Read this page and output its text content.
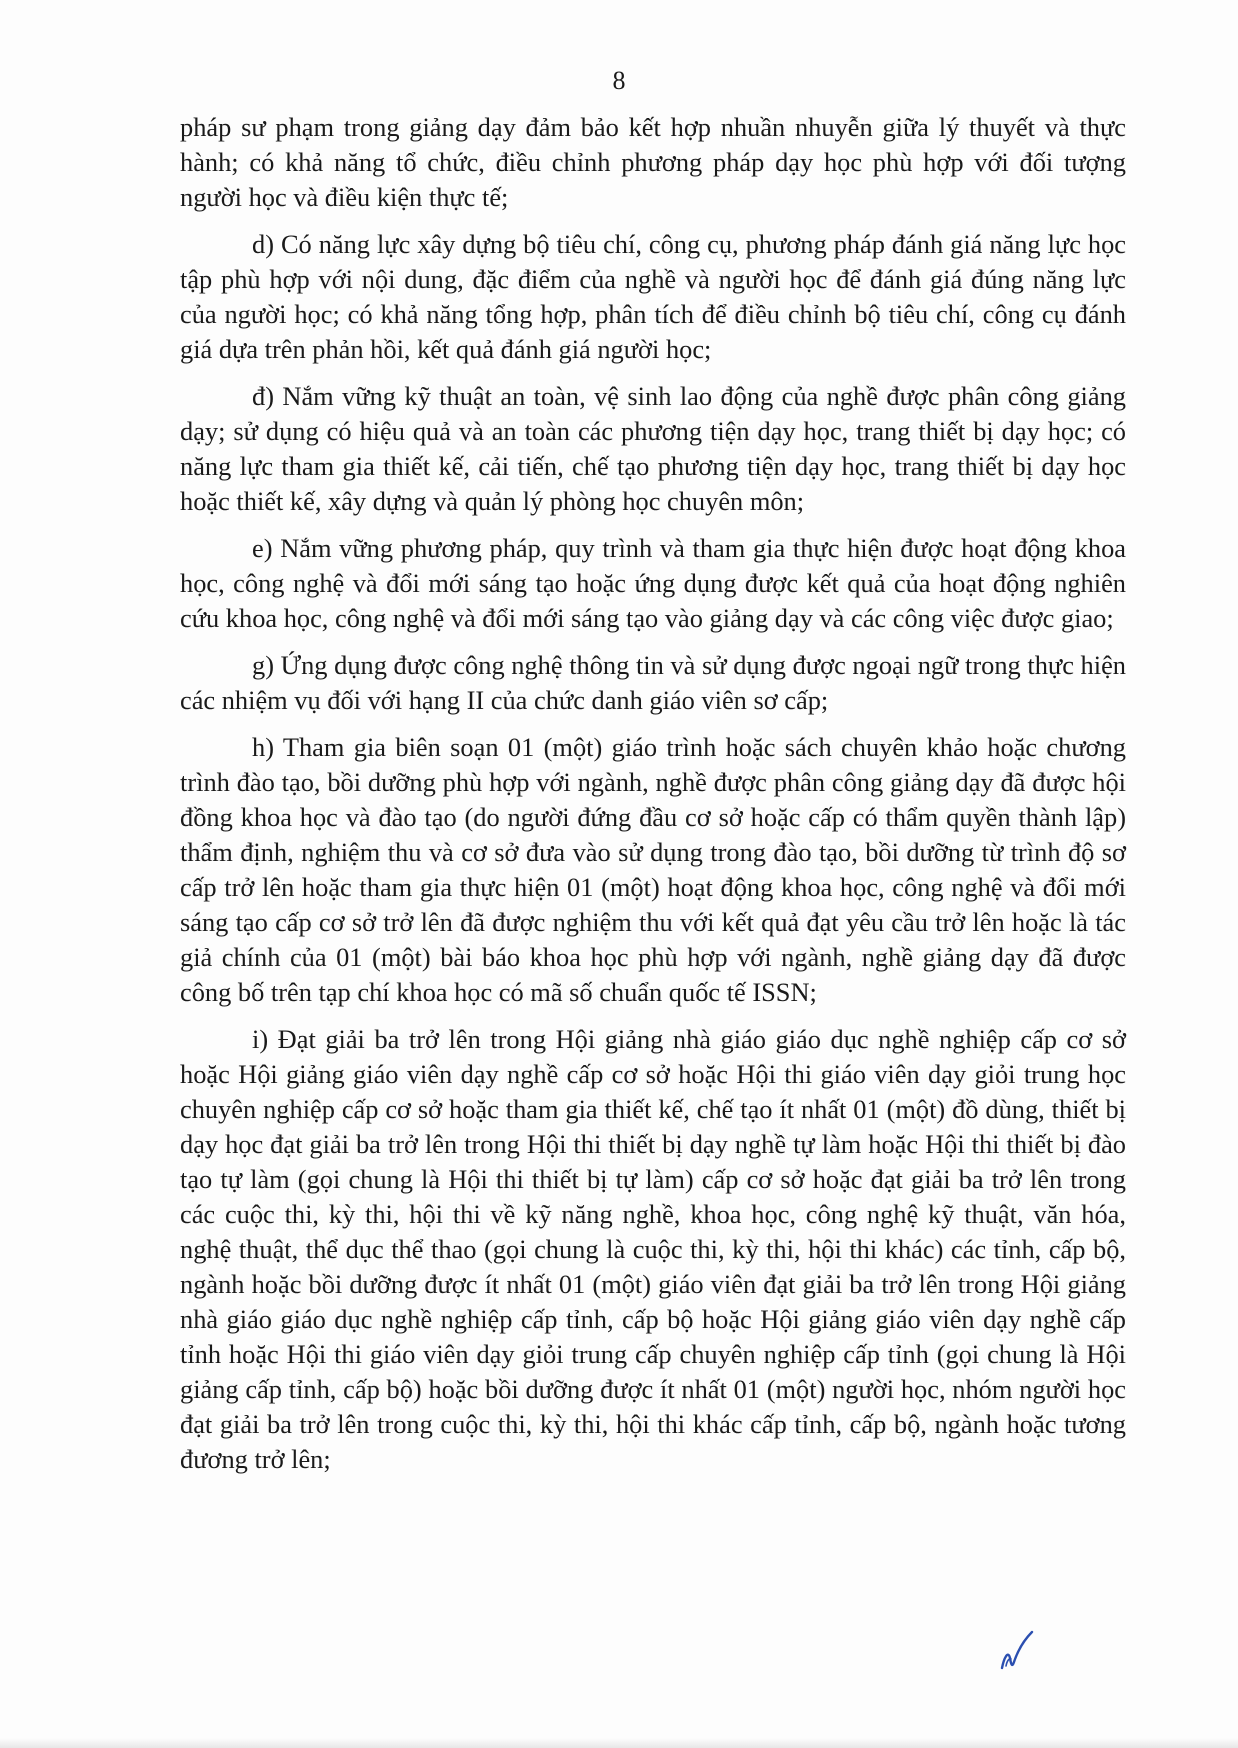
8

pháp sư phạm trong giảng dạy đảm bảo kết hợp nhuần nhuyễn giữa lý thuyết và thực hành; có khả năng tổ chức, điều chỉnh phương pháp dạy học phù hợp với đối tượng người học và điều kiện thực tế;

d) Có năng lực xây dựng bộ tiêu chí, công cụ, phương pháp đánh giá năng lực học tập phù hợp với nội dung, đặc điểm của nghề và người học để đánh giá đúng năng lực của người học; có khả năng tổng hợp, phân tích để điều chỉnh bộ tiêu chí, công cụ đánh giá dựa trên phản hồi, kết quả đánh giá người học;

đ) Nắm vững kỹ thuật an toàn, vệ sinh lao động của nghề được phân công giảng dạy; sử dụng có hiệu quả và an toàn các phương tiện dạy học, trang thiết bị dạy học; có năng lực tham gia thiết kế, cải tiến, chế tạo phương tiện dạy học, trang thiết bị dạy học hoặc thiết kế, xây dựng và quản lý phòng học chuyên môn;

e) Nắm vững phương pháp, quy trình và tham gia thực hiện được hoạt động khoa học, công nghệ và đổi mới sáng tạo hoặc ứng dụng được kết quả của hoạt động nghiên cứu khoa học, công nghệ và đổi mới sáng tạo vào giảng dạy và các công việc được giao;

g) Ứng dụng được công nghệ thông tin và sử dụng được ngoại ngữ trong thực hiện các nhiệm vụ đối với hạng II của chức danh giáo viên sơ cấp;

h) Tham gia biên soạn 01 (một) giáo trình hoặc sách chuyên khảo hoặc chương trình đào tạo, bồi dưỡng phù hợp với ngành, nghề được phân công giảng dạy đã được hội đồng khoa học và đào tạo (do người đứng đầu cơ sở hoặc cấp có thẩm quyền thành lập) thẩm định, nghiệm thu và cơ sở đưa vào sử dụng trong đào tạo, bồi dưỡng từ trình độ sơ cấp trở lên hoặc tham gia thực hiện 01 (một) hoạt động khoa học, công nghệ và đổi mới sáng tạo cấp cơ sở trở lên đã được nghiệm thu với kết quả đạt yêu cầu trở lên hoặc là tác giả chính của 01 (một) bài báo khoa học phù hợp với ngành, nghề giảng dạy đã được công bố trên tạp chí khoa học có mã số chuẩn quốc tế ISSN;

i) Đạt giải ba trở lên trong Hội giảng nhà giáo giáo dục nghề nghiệp cấp cơ sở hoặc Hội giảng giáo viên dạy nghề cấp cơ sở hoặc Hội thi giáo viên dạy giỏi trung học chuyên nghiệp cấp cơ sở hoặc tham gia thiết kế, chế tạo ít nhất 01 (một) đồ dùng, thiết bị dạy học đạt giải ba trở lên trong Hội thi thiết bị dạy nghề tự làm hoặc Hội thi thiết bị đào tạo tự làm (gọi chung là Hội thi thiết bị tự làm) cấp cơ sở hoặc đạt giải ba trở lên trong các cuộc thi, kỳ thi, hội thi về kỹ năng nghề, khoa học, công nghệ kỹ thuật, văn hóa, nghệ thuật, thể dục thể thao (gọi chung là cuộc thi, kỳ thi, hội thi khác) các tỉnh, cấp bộ, ngành hoặc bồi dưỡng được ít nhất 01 (một) giáo viên đạt giải ba trở lên trong Hội giảng nhà giáo giáo dục nghề nghiệp cấp tỉnh, cấp bộ hoặc Hội giảng giáo viên dạy nghề cấp tỉnh hoặc Hội thi giáo viên dạy giỏi trung cấp chuyên nghiệp cấp tỉnh (gọi chung là Hội giảng cấp tỉnh, cấp bộ) hoặc bồi dưỡng được ít nhất 01 (một) người học, nhóm người học đạt giải ba trở lên trong cuộc thi, kỳ thi, hội thi khác cấp tỉnh, cấp bộ, ngành hoặc tương đương trở lên;
